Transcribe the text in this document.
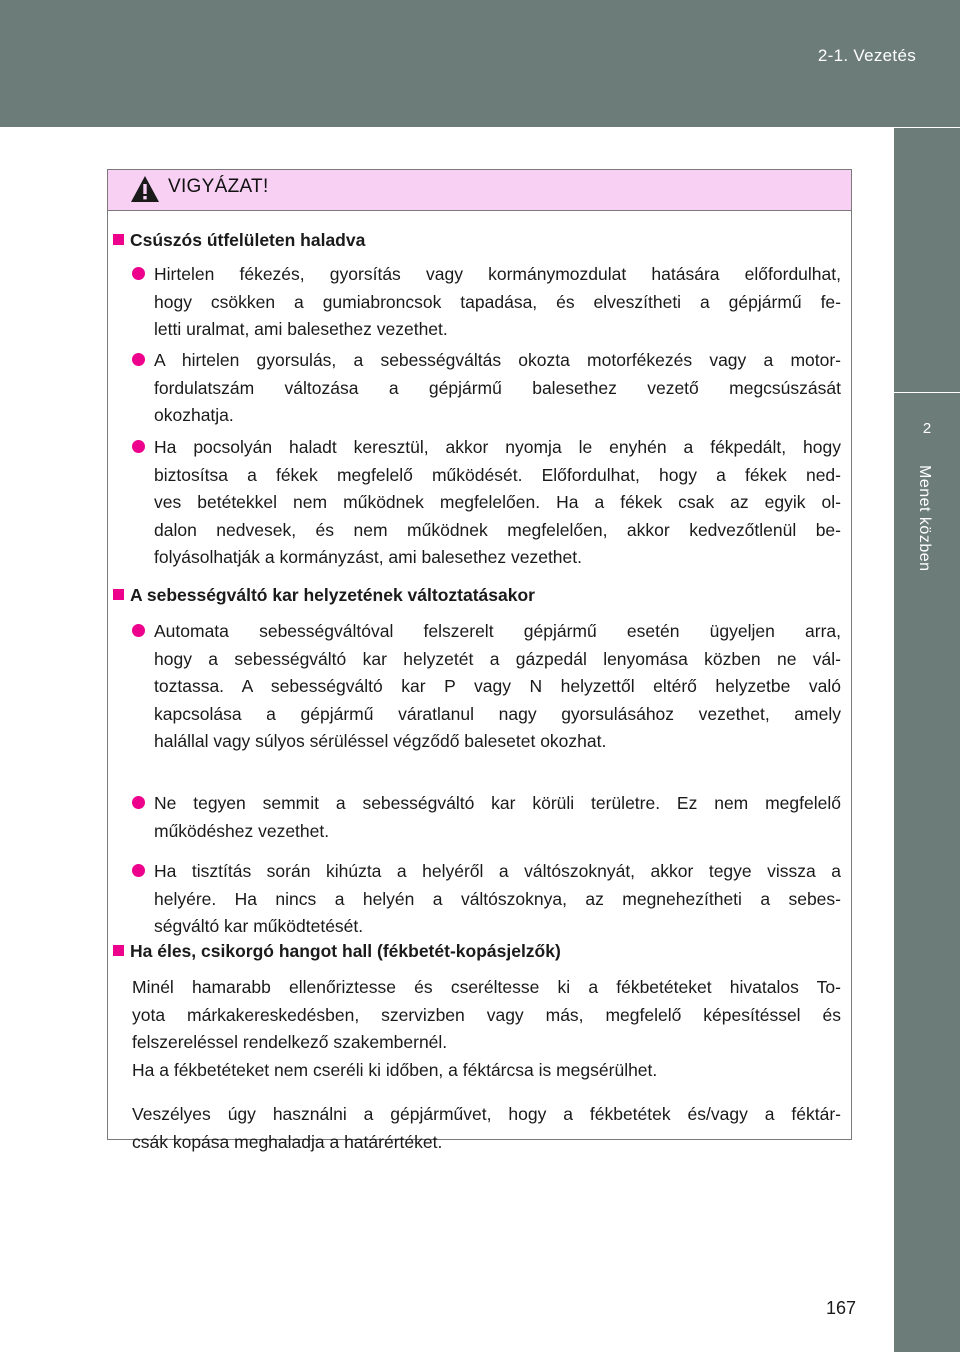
2-1. Vezetés
2
Menet közben
VIGYÁZAT!
Csúszós útfelületen haladva
Hirtelen fékezés, gyorsítás vagy kormánymozdulat hatására előfordulhat,
hogy csökken a gumiabroncsok tapadása, és elveszítheti a gépjármű fe-
letti uralmat, ami balesethez vezethet.
A hirtelen gyorsulás, a sebességváltás okozta motorfékezés vagy a motor-
fordulatszám változása a gépjármű balesethez vezető megcsúszását
okozhatja.
Ha pocsolyán haladt keresztül, akkor nyomja le enyhén a fékpedált, hogy
biztosítsa a fékek megfelelő működését. Előfordulhat, hogy a fékek ned-
ves betétekkel nem működnek megfelelően. Ha a fékek csak az egyik ol-
dalon nedvesek, és nem működnek megfelelően, akkor kedvezőtlenül be-
folyásolhatják a kormányzást, ami balesethez vezethet.
A sebességváltó kar helyzetének változtatásakor
Automata sebességváltóval felszerelt gépjármű esetén ügyeljen arra,
hogy a sebességváltó kar helyzetét a gázpedál lenyomása közben ne vál-
toztassa. A sebességváltó kar P vagy N helyzettől eltérő helyzetbe való
kapcsolása a gépjármű váratlanul nagy gyorsulásához vezethet, amely
halállal vagy súlyos sérüléssel végződő balesetet okozhat.
Ne tegyen semmit a sebességváltó kar körüli területre. Ez nem megfelelő
működéshez vezethet.
Ha tisztítás során kihúzta a helyéről a váltószoknyát, akkor tegye vissza a
helyére. Ha nincs a helyén a váltószoknya, az megnehezítheti a sebes-
ségváltó kar működtetését.
Ha éles, csikorgó hangot hall (fékbetét-kopásjelzők)
Minél hamarabb ellenőriztesse és cseréltesse ki a fékbetéteket hivatalos To-
yota márkakereskedésben, szervizben vagy más, megfelelő képesítéssel és
felszereléssel rendelkező szakembernél.
Ha a fékbetéteket nem cseréli ki időben, a féktárcsa is megsérülhet.
Veszélyes úgy használni a gépjárművet, hogy a fékbetétek és/vagy a féktár-
csák kopása meghaladja a határértéket.
167
